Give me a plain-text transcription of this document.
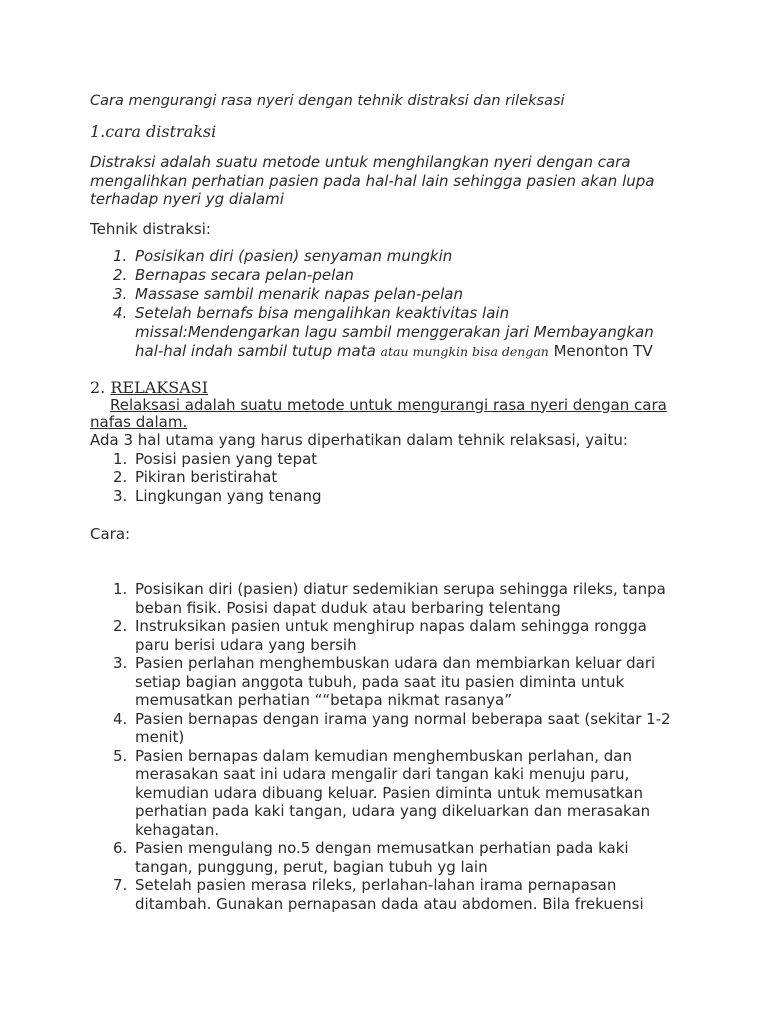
Cara mengurangi rasa nyeri dengan tehnik distraksi dan rileksasi

1.cara distraksi

Distraksi adalah suatu metode untuk menghilangkan nyeri dengan cara
mengalihkan perhatian pasien pada hal-hal lain sehingga pasien akan lupa
terhadap nyeri yg dialami

Tehnik distraksi:

1. Posisikan diri (pasien) senyaman mungkin
2. Bernapas secara pelan-pelan
3. Massase sambil menarik napas pelan-pelan
4. Setelah bernafs bisa mengalihkan keaktivitas lain
missal:Mendengarkan lagu sambil menggerakan jari Membayangkan
hal-hal indah sambil tutup mata atau mungkin bisa dengan Menonton TV
2. RELAKSASI

Relaksasi adalah suatu metode untuk mengurangi rasa nyeri dengan cara
nafas dalam.

Ada 3 hal utama yang harus diperhatikan dalam tehnik relaksasi, yaitu:

1. Posisi pasien yang tepat
2. Pikiran beristirahat
3. Lingkungan yang tenang

Cara:

1. Posisikan diri (pasien) diatur sedemikian serupa sehingga rileks, tanpa
beban fisik. Posisi dapat duduk atau berbaring telentang
2. Instruksikan pasien untuk menghirup napas dalam sehingga rongga
paru berisi udara yang bersih
3. Pasien perlahan menghembuskan udara dan membiarkan keluar dari
setiap bagian anggota tubuh, pada saat itu pasien diminta untuk
memusatkan perhatian ““betapa nikmat rasanya”
4. Pasien bernapas dengan irama yang normal beberapa saat (sekitar 1-2
menit)
5. Pasien bernapas dalam kemudian menghembuskan perlahan, dan
merasakan saat ini udara mengalir dari tangan kaki menuju paru,
kemudian udara dibuang keluar. Pasien diminta untuk memusatkan
perhatian pada kaki tangan, udara yang dikeluarkan dan merasakan
kehagatan.
6. Pasien mengulang no.5 dengan memusatkan perhatian pada kaki
tangan, punggung, perut, bagian tubuh yg lain
7. Setelah pasien merasa rileks, perlahan-lahan irama pernapasan
ditambah. Gunakan pernapasan dada atau abdomen. Bila frekuensi
